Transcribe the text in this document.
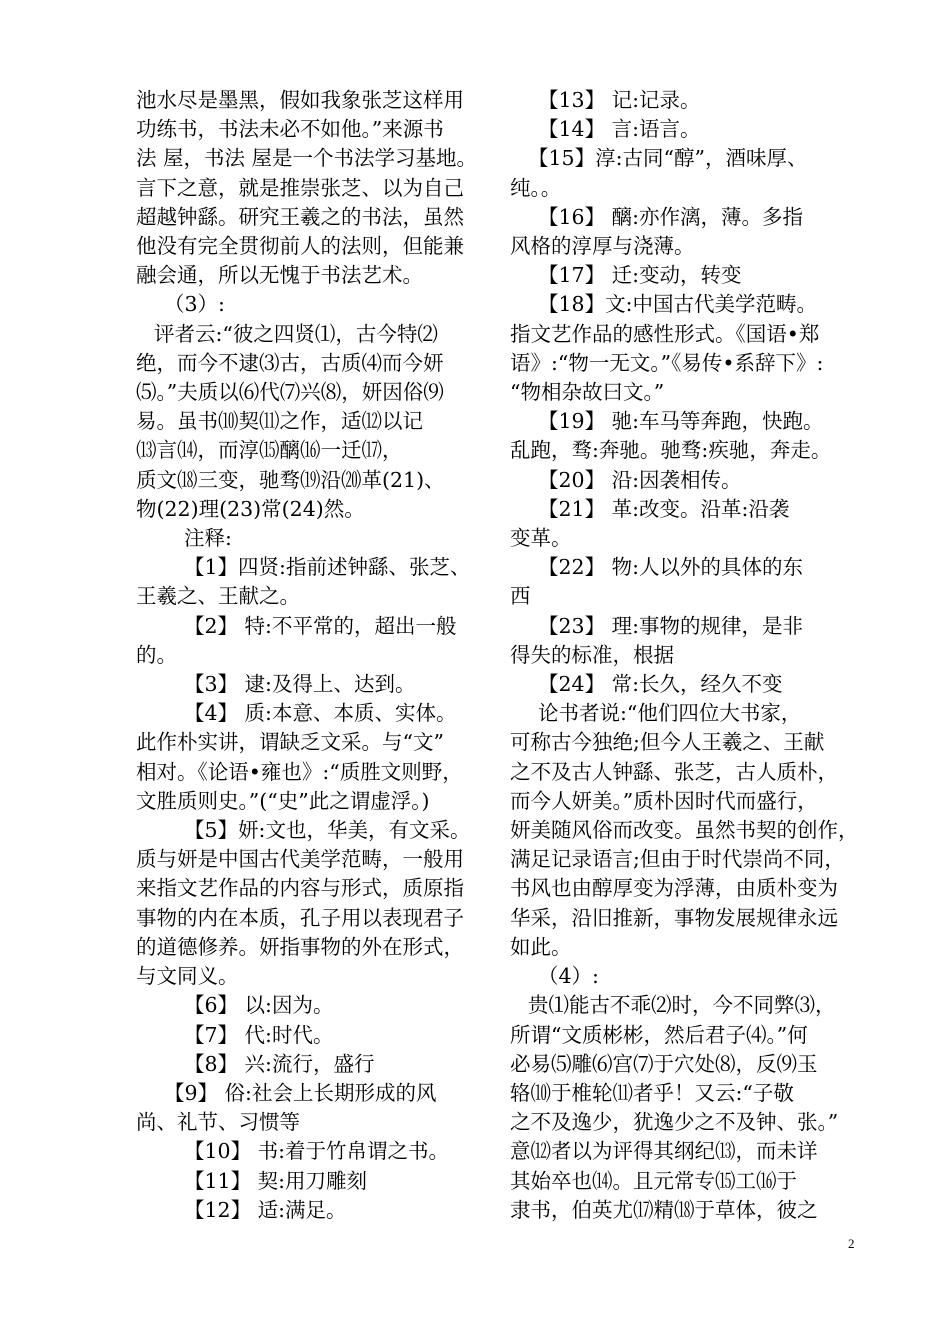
池水尽是墨黑，假如我象张芝这样用

功练书，书法未必不如他。”来源书

法 屋，书法 屋是一个书法学习基地。

言下之意，就是推崇张芝、以为自己

超越钟繇。研究王羲之的书法，虽然

他没有完全贯彻前人的法则，但能兼

融会通，所以无愧于书法艺术。

（3）:

评者云:“彼之四贤⑴，古今特⑵

绝，而今不逮⑶古，古质⑷而今妍

⑸。”夫质以⑹代⑺兴⑻，妍因俗⑼

易。虽书⑽契⑾之作，适⑿以记

⒀言⒁，而淳⒂醨⒃一迁⒄，

质文⒅三变，驰骛⒆沿⒇革(21)、

物(22)理(23)常(24)然。

注释:

【1】四贤:指前述钟繇、张芝、

王羲之、王献之。

【2】 特:不平常的，超出一般

的。

【3】 逮:及得上、达到。

【4】 质:本意、本质、实体。

此作朴实讲，谓缺乏文采。与“文”

相对。《论语•雍也》:“质胜文则野，

文胜质则史。”(“史”此之谓虚浮。)

【5】妍:文也，华美，有文采。

质与妍是中国古代美学范畴，一般用

来指文艺作品的内容与形式，质原指

事物的内在本质，孔子用以表现君子

的道德修养。妍指事物的外在形式，

与文同义。

【6】 以:因为。

【7】 代:时代。

【8】 兴:流行，盛行

【9】 俗:社会上长期形成的风

尚、礼节、习惯等

【10】 书:着于竹帛谓之书。

【11】 契:用刀雕刻

【12】 适:满足。

【13】 记:记录。

【14】 言:语言。

【15】淳:古同“醇”，酒味厚、

纯。。

【16】 醨:亦作漓，薄。多指

风格的淳厚与浇薄。

【17】 迁:变动，转变

【18】文:中国古代美学范畴。

指文艺作品的感性形式。《国语•郑

语》:“物一无文。”《易传•系辞下》:

“物相杂故曰文。”

【19】 驰:车马等奔跑，快跑。

乱跑，骛:奔驰。驰骛:疾驰，奔走。

【20】 沿:因袭相传。

【21】 革:改变。沿革:沿袭

变革。

【22】 物:人以外的具体的东

西

【23】 理:事物的规律，是非

得失的标准，根据

【24】 常:长久，经久不变

论书者说:“他们四位大书家，

可称古今独绝;但今人王羲之、王献

之不及古人钟繇、张芝，古人质朴，

而今人妍美。”质朴因时代而盛行，

妍美随风俗而改变。虽然书契的创作，

满足记录语言;但由于时代崇尚不同，

书风也由醇厚变为浮薄，由质朴变为

华采，沿旧推新，事物发展规律永远

如此。

（4）:

贵⑴能古不乖⑵时，今不同弊⑶，

所谓“文质彬彬，然后君子⑷。”何

必易⑸雕⑹宫⑺于穴处⑻，反⑼玉

辂⑽于椎轮⑾者乎！又云:“子敬

之不及逸少，犹逸少之不及钟、张。”

意⑿者以为评得其纲纪⒀，而未详

其始卒也⒁。且元常专⒂工⒃于

隶书，伯英尤⒄精⒅于草体，彼之

2
